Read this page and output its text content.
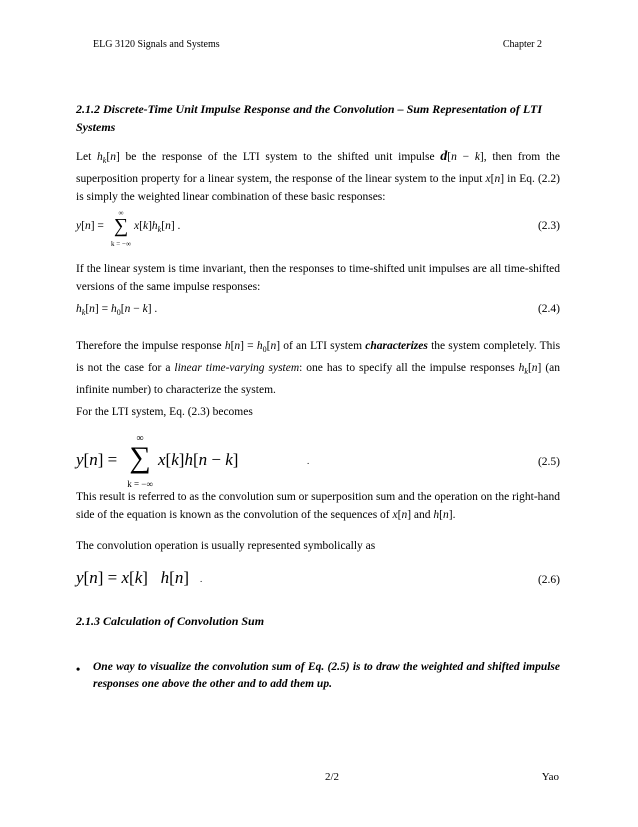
ELG 3120 Signals and Systems	Chapter 2
2.1.2 Discrete-Time Unit Impulse Response and the Convolution – Sum Representation of LTI Systems
Let $h_k[n]$ be the response of the LTI system to the shifted unit impulse d[n − k], then from the superposition property for a linear system, the response of the linear system to the input x[n] in Eq. (2.2) is simply the weighted linear combination of these basic responses:
y[n] =
∞
∑
k = −∞
$x[k]h_k[n]$ .	(2.3)
If the linear system is time invariant, then the responses to time-shifted unit impulses are all time-shifted versions of the same impulse responses:
$h_k[n] = h_0[n - k]$ .	(2.4)
Therefore the impulse response $h[n] = h_0[n]$ of an LTI system characterizes the system completely. This is not the case for a linear time-varying system: one has to specify all the impulse responses $h_k[n]$ (an infinite number) to characterize the system.
For the LTI system, Eq. (2.3) becomes
y[n] =
∞
∑
k = −∞
x[k]h[n − k]	.	(2.5)
This result is referred to as the convolution sum or superposition sum and the operation on the right-hand side of the equation is known as the convolution of the sequences of x[n] and h[n].
The convolution operation is usually represented symbolically as
y[n] = x[k]   h[n] .	(2.6)
2.1.3 Calculation of Convolution Sum
• One way to visualize the convolution sum of Eq. (2.5) is to draw the weighted and shifted impulse responses one above the other and to add them up.
2/2	Yao
